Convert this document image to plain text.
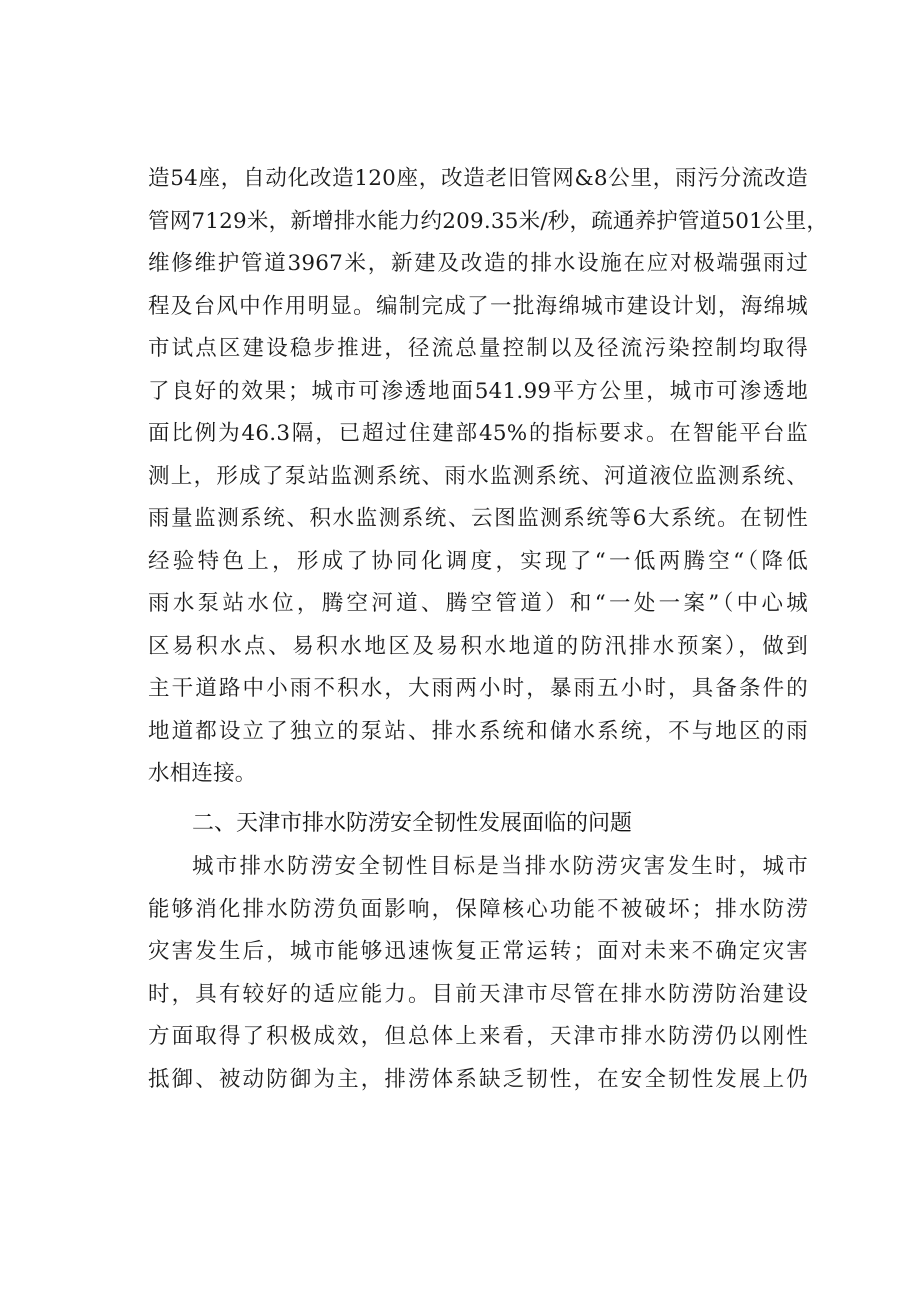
造54座，自动化改造120座，改造老旧管网&8公里，雨污分流改造
管网7129米，新增排水能力约209.35米/秒，疏通养护管道501公里，
维修维护管道3967米，新建及改造的排水设施在应对极端强雨过
程及台风中作用明显。编制完成了一批海绵城市建设计划，海绵城
市试点区建设稳步推进，径流总量控制以及径流污染控制均取得
了良好的效果；城市可渗透地面541.99平方公里，城市可渗透地
面比例为46.3隔，已超过住建部45%的指标要求。在智能平台监
测上，形成了泵站监测系统、雨水监测系统、河道液位监测系统、
雨量监测系统、积水监测系统、云图监测系统等6大系统。在韧性
经验特色上，形成了协同化调度，实现了“一低两腾空“（降低
雨水泵站水位，腾空河道、腾空管道）和“一处一案”（中心城
区易积水点、易积水地区及易积水地道的防汛排水预案），做到
主干道路中小雨不积水，大雨两小时，暴雨五小时，具备条件的
地道都设立了独立的泵站、排水系统和储水系统，不与地区的雨
水相连接。
二、天津市排水防涝安全韧性发展面临的问题
城市排水防涝安全韧性目标是当排水防涝灾害发生时，城市
能够消化排水防涝负面影响，保障核心功能不被破坏；排水防涝
灾害发生后，城市能够迅速恢复正常运转；面对未来不确定灾害
时，具有较好的适应能力。目前天津市尽管在排水防涝防治建设
方面取得了积极成效，但总体上来看，天津市排水防涝仍以刚性
抵御、被动防御为主，排涝体系缺乏韧性，在安全韧性发展上仍
